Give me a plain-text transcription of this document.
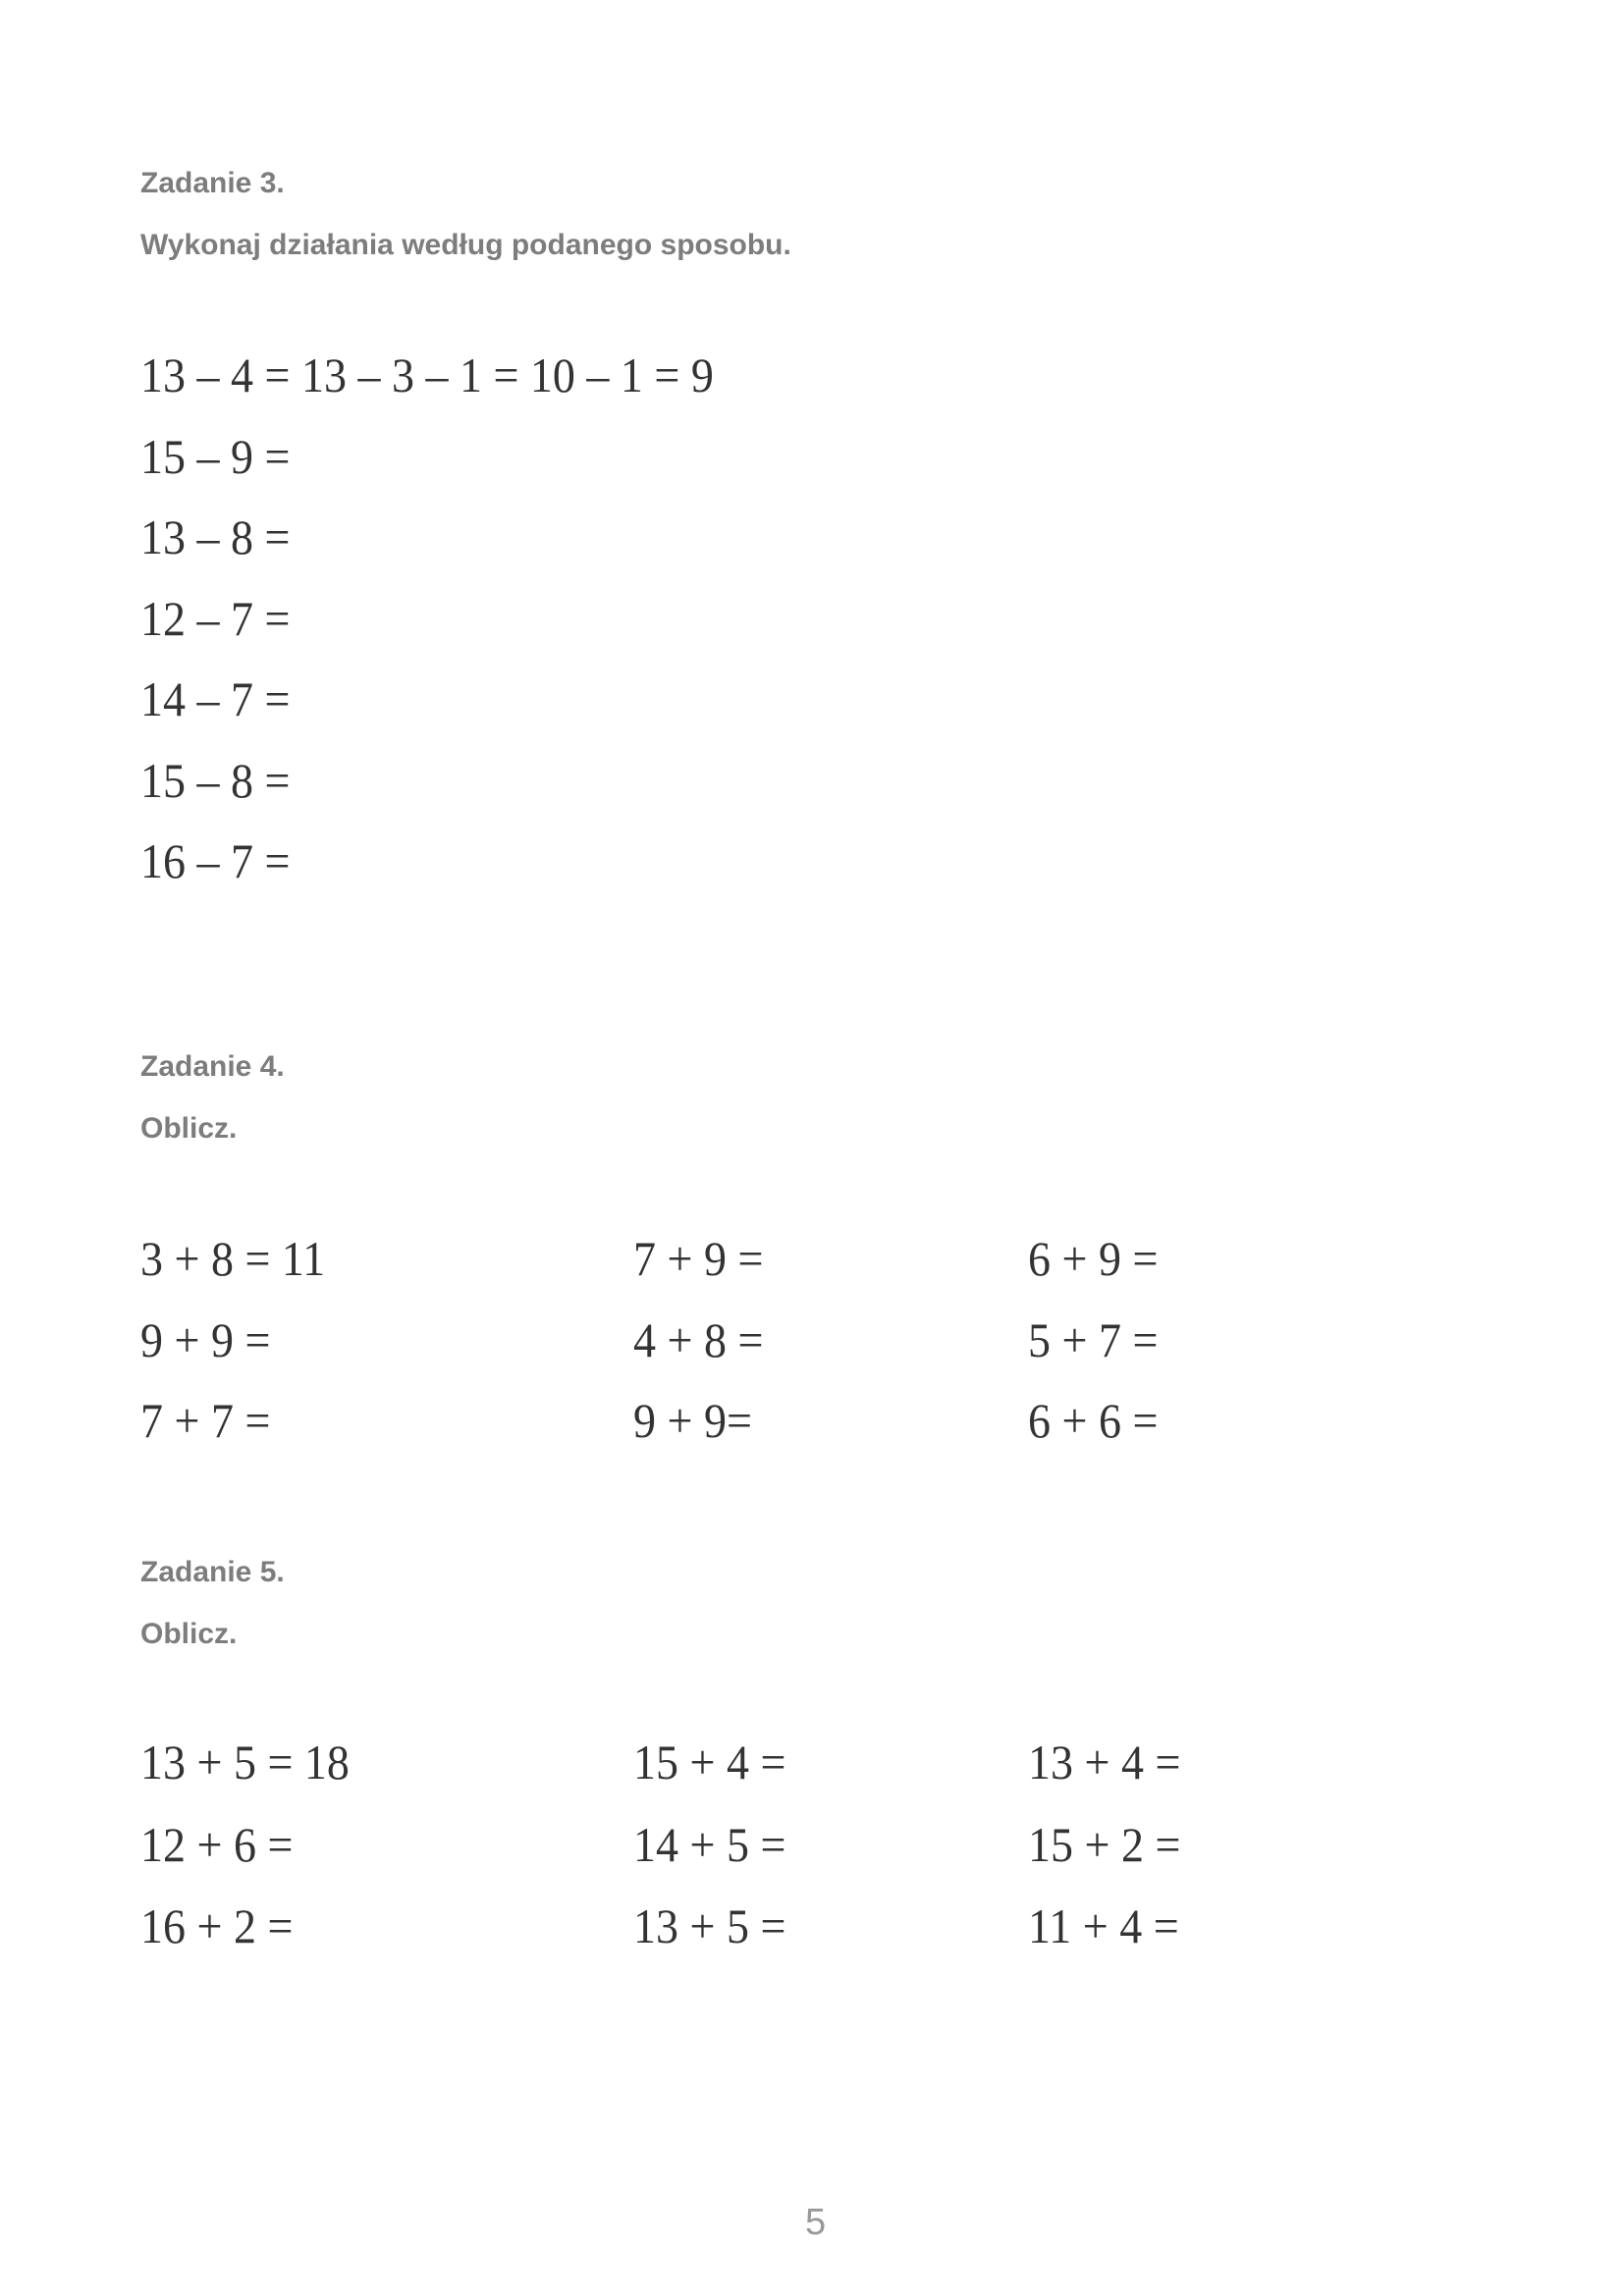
Zadanie 3.
Wykonaj działania według podanego sposobu.
13 – 4 = 13 – 3 – 1 = 10 – 1 = 9
15 – 9 =
13 – 8 =
12 – 7 =
14 – 7 =
15 – 8 =
16 – 7 =
Zadanie 4.
Oblicz.
3 + 8 = 11
9 + 9 =
7 + 7 =
7 + 9 =
4 + 8 =
9 + 9=
6 + 9 =
5 + 7 =
6 + 6 =
Zadanie 5.
Oblicz.
13 + 5 = 18
12 + 6 =
16 + 2 =
15 + 4 =
14 + 5 =
13 + 5 =
13 + 4 =
15 + 2 =
11 + 4 =
5
